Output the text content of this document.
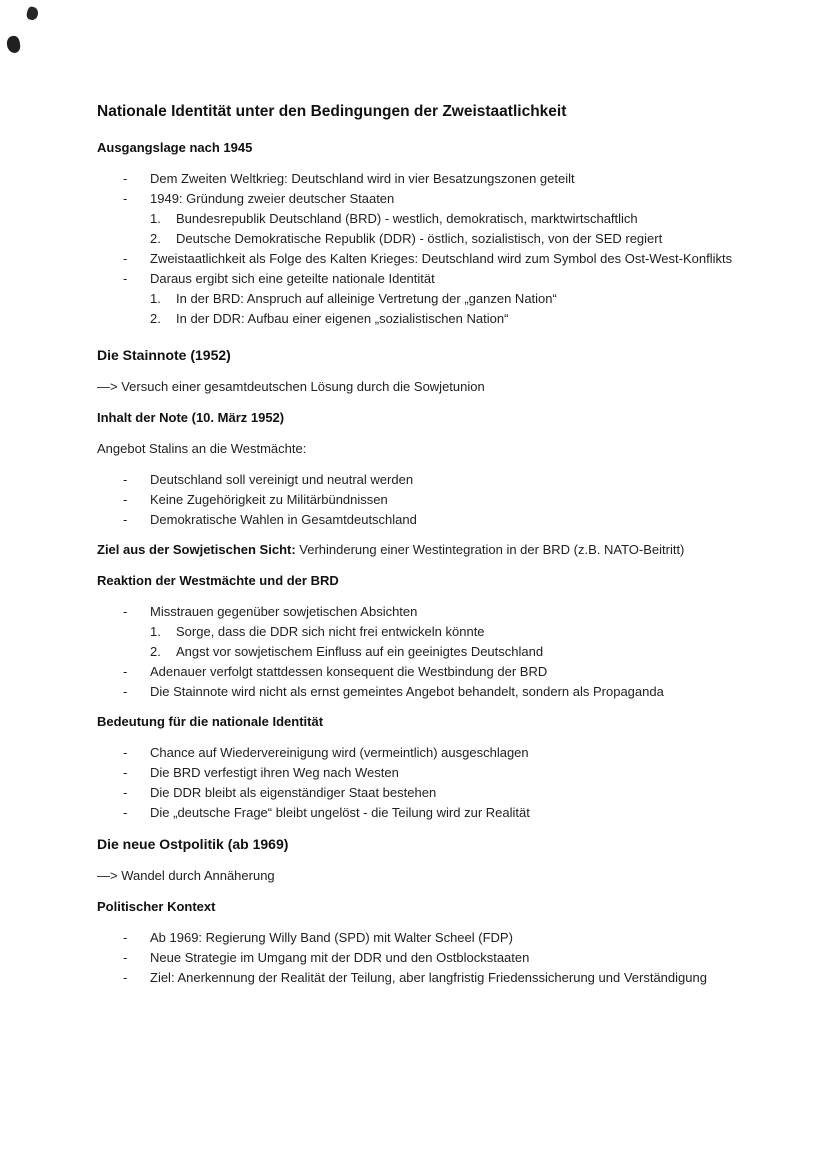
Nationale Identität unter den Bedingungen der Zweistaatlichkeit
Ausgangslage nach 1945
- Dem Zweiten Weltkrieg: Deutschland wird in vier Besatzungszonen geteilt
- 1949: Gründung zweier deutscher Staaten
Bundesrepublik Deutschland (BRD) - westlich, demokratisch, marktwirtschaftlich
Deutsche Demokratische Republik (DDR) - östlich, sozialistisch, von der SED regiert
- Zweistaatlichkeit als Folge des Kalten Krieges: Deutschland wird zum Symbol des Ost-West-Konflikts
- Daraus ergibt sich eine geteilte nationale Identität
In der BRD: Anspruch auf alleinige Vertretung der „ganzen Nation“
In der DDR: Aufbau einer eigenen „sozialistischen Nation“
Die Stainnote (1952)

—> Versuch einer gesamtdeutschen Lösung durch die Sowjetunion

Inhalt der Note (10. März 1952)

Angebot Stalins an die Westmächte:

- Deutschland soll vereinigt und neutral werden
- Keine Zugehörigkeit zu Militärbündnissen
- Demokratische Wahlen in Gesamtdeutschland

Ziel aus der Sowjetischen Sicht: Verhinderung einer Westintegration in der BRD (z.B. NATO-Beitritt)

Reaktion der Westmächte und der BRD
- Misstrauen gegenüber sowjetischen Absichten
Sorge, dass die DDR sich nicht frei entwickeln könnte
Angst vor sowjetischem Einfluss auf ein geeinigtes Deutschland
- Adenauer verfolgt stattdessen konsequent die Westbindung der BRD
- Die Stainnote wird nicht als ernst gemeintes Angebot behandelt, sondern als Propaganda
Bedeutung für die nationale Identität
- Chance auf Wiedervereinigung wird (vermeintlich) ausgeschlagen
- Die BRD verfestigt ihren Weg nach Westen
- Die DDR bleibt als eigenständiger Staat bestehen
- Die „deutsche Frage“ bleibt ungelöst - die Teilung wird zur Realität
Die neue Ostpolitik (ab 1969)

—> Wandel durch Annäherung

Politischer Kontext
- Ab 1969: Regierung Willy Band (SPD) mit Walter Scheel (FDP)
- Neue Strategie im Umgang mit der DDR und den Ostblockstaaten
- Ziel: Anerkennung der Realität der Teilung, aber langfristig Friedenssicherung und Verständigung
